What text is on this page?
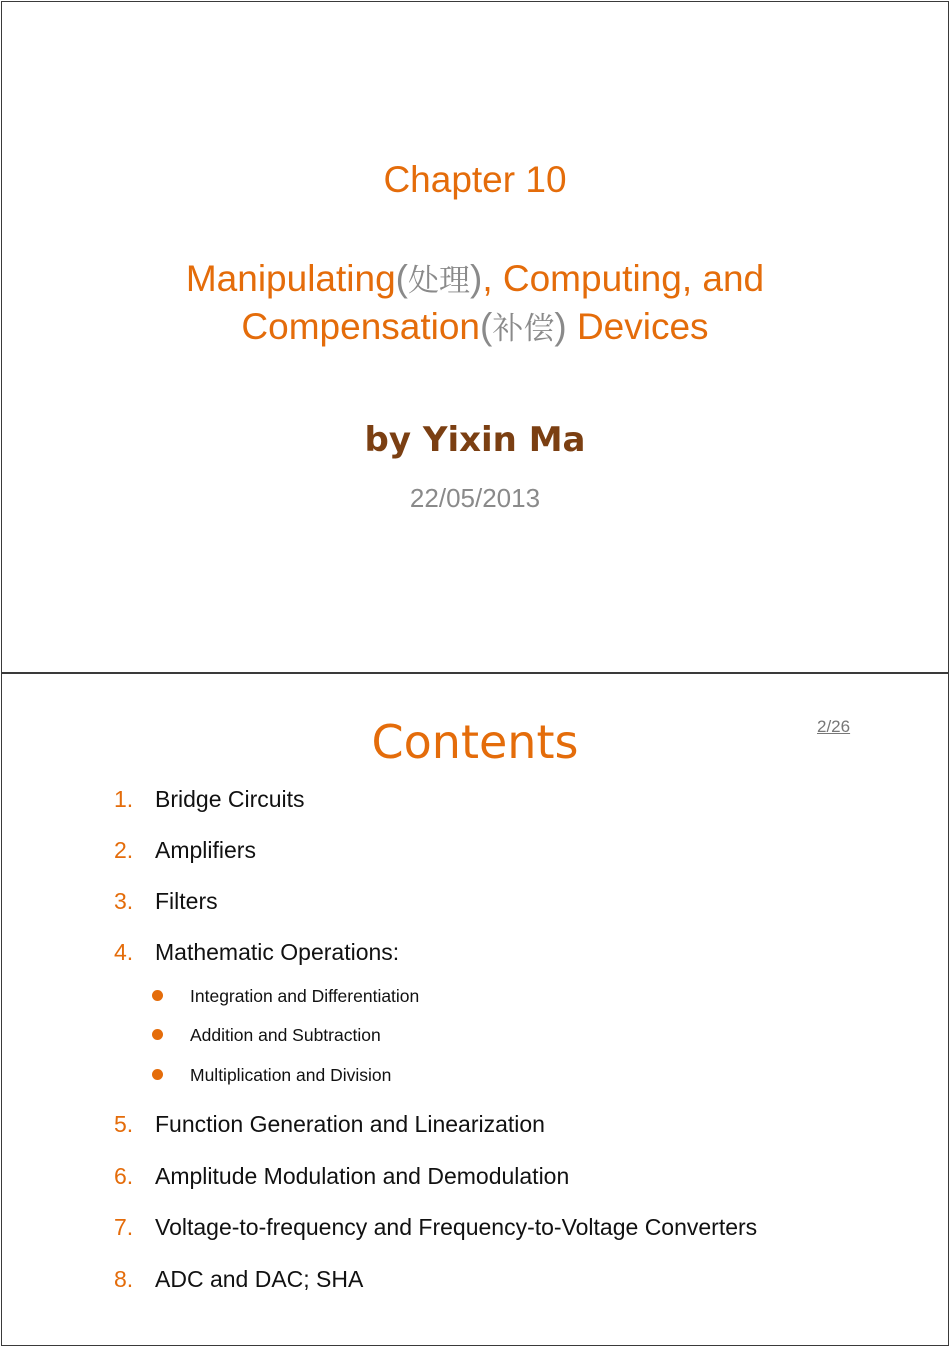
Chapter 10
Manipulating(处理), Computing, and
Compensation(补偿) Devices
by Yixin Ma
22/05/2013
Contents	2/26
1. Bridge Circuits
2. Amplifiers
3. Filters
4. Mathematic Operations:
Integration and Differentiation
Addition and Subtraction
Multiplication and Division
5. Function Generation and Linearization
6. Amplitude Modulation and Demodulation
7. Voltage-to-frequency and Frequency-to-Voltage Converters
8. ADC and DAC; SHA
